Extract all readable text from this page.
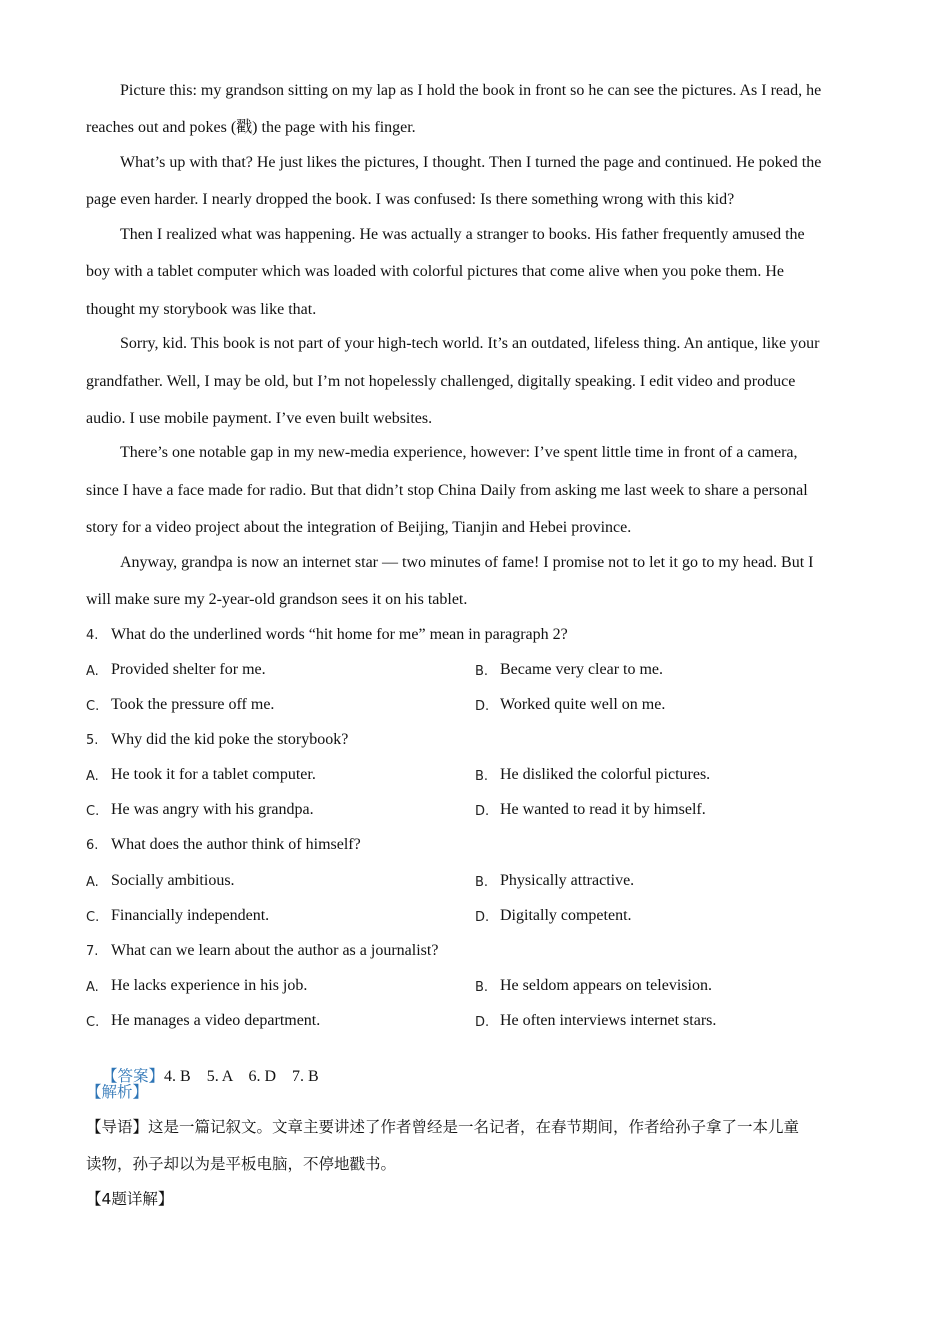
Picture this: my grandson sitting on my lap as I hold the book in front so he can see the pictures. As I read, he
reaches out and pokes (戳) the page with his finger.
What’s up with that? He just likes the pictures, I thought. Then I turned the page and continued. He poked the
page even harder. I nearly dropped the book. I was confused: Is there something wrong with this kid?
Then I realized what was happening. He was actually a stranger to books. His father frequently amused the
boy with a tablet computer which was loaded with colorful pictures that come alive when you poke them. He
thought my storybook was like that.
Sorry, kid. This book is not part of your high-tech world. It’s an outdated, lifeless thing. An antique, like your
grandfather. Well, I may be old, but I’m not hopelessly challenged, digitally speaking. I edit video and produce
audio. I use mobile payment. I’ve even built websites.
There’s one notable gap in my new-media experience, however: I’ve spent little time in front of a camera,
since I have a face made for radio. But that didn’t stop China Daily from asking me last week to share a personal
story for a video project about the integration of Beijing, Tianjin and Hebei province.
Anyway, grandpa is now an internet star — two minutes of fame! I promise not to let it go to my head. But I
will make sure my 2-year-old grandson sees it on his tablet.
4. What do the underlined words “hit home for me” mean in paragraph 2?
A. Provided shelter for me.	B. Became very clear to me.
C. Took the pressure off me.	D. Worked quite well on me.
5. Why did the kid poke the storybook?
A. He took it for a tablet computer.	B. He disliked the colorful pictures.
C. He was angry with his grandpa.	D. He wanted to read it by himself.
6. What does the author think of himself?
A. Socially ambitious.	B. Physically attractive.
C. Financially independent.	D. Digitally competent.
7. What can we learn about the author as a journalist?
A. He lacks experience in his job.	B. He seldom appears on television.
C. He manages a video department.	D. He often interviews internet stars.

【答案】4. B    5. A    6. D    7. B

【解析】
【导语】这是一篇记叙文。文章主要讲述了作者曾经是一名记者，在春节期间，作者给孙子拿了一本儿童
读物，孙子却以为是平板电脑，不停地戳书。
【4题详解】
